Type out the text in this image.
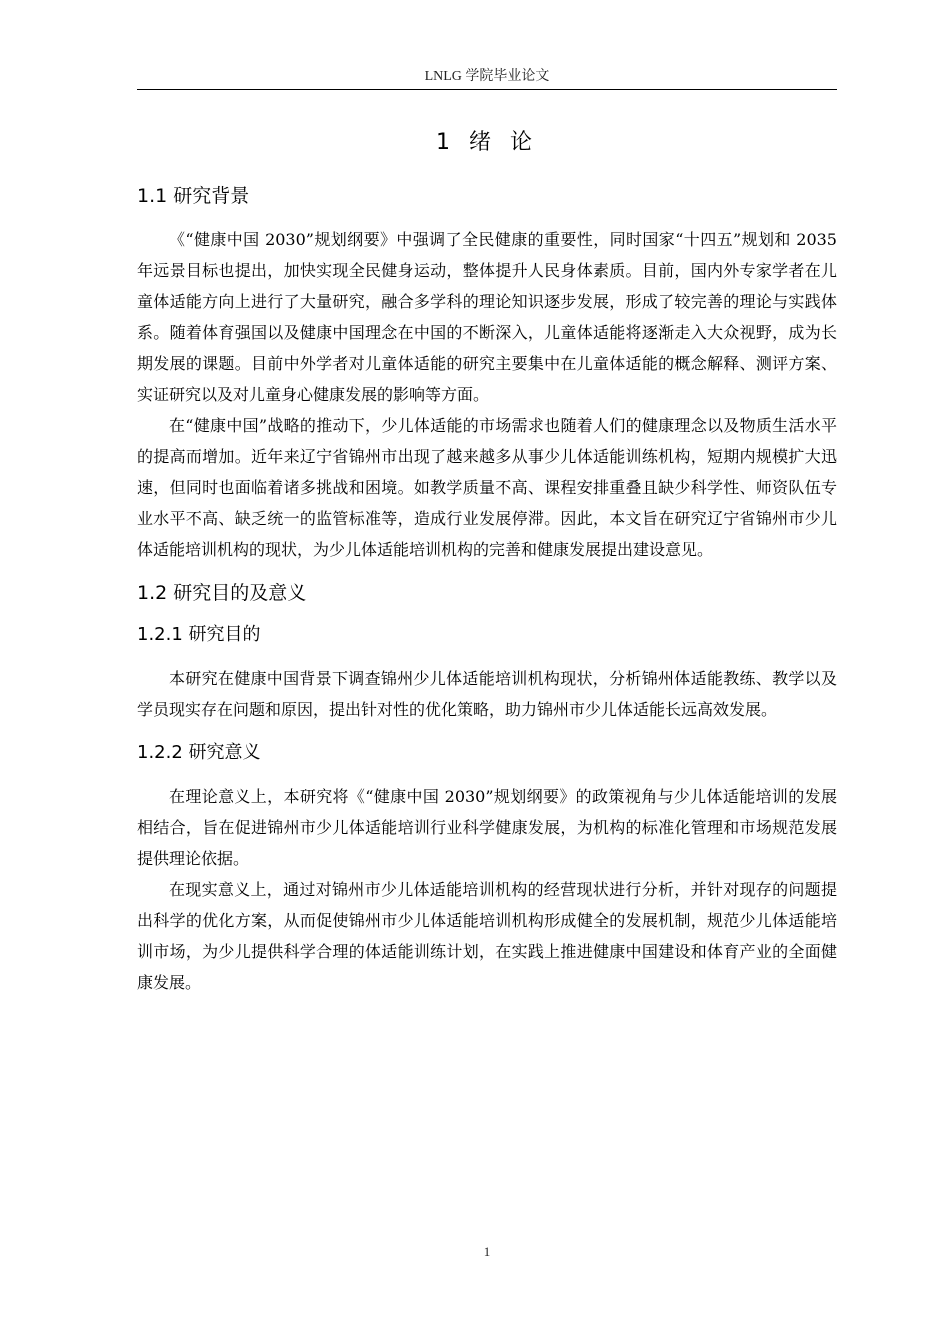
LNLG 学院毕业论文
1 绪 论
1.1 研究背景

《“健康中国 2030”规划纲要》中强调了全民健康的重要性，同时国家“十四五”规划和 2035 年远景目标也提出，加快实现全民健身运动，整体提升人民身体素质。目前，国内外专家学者在儿童体适能方向上进行了大量研究，融合多学科的理论知识逐步发展，形成了较完善的理论与实践体系。随着体育强国以及健康中国理念在中国的不断深入，儿童体适能将逐渐走入大众视野，成为长期发展的课题。目前中外学者对儿童体适能的研究主要集中在儿童体适能的概念解释、测评方案、实证研究以及对儿童身心健康发展的影响等方面。

在“健康中国”战略的推动下，少儿体适能的市场需求也随着人们的健康理念以及物质生活水平的提高而增加。近年来辽宁省锦州市出现了越来越多从事少儿体适能训练机构，短期内规模扩大迅速，但同时也面临着诸多挑战和困境。如教学质量不高、课程安排重叠且缺少科学性、师资队伍专业水平不高、缺乏统一的监管标准等，造成行业发展停滞。因此，本文旨在研究辽宁省锦州市少儿体适能培训机构的现状，为少儿体适能培训机构的完善和健康发展提出建设意见。

1.2 研究目的及意义
1.2.1 研究目的

本研究在健康中国背景下调查锦州少儿体适能培训机构现状，分析锦州体适能教练、教学以及学员现实存在问题和原因，提出针对性的优化策略，助力锦州市少儿体适能长远高效发展。

1.2.2 研究意义

在理论意义上，本研究将《“健康中国 2030”规划纲要》的政策视角与少儿体适能培训的发展相结合，旨在促进锦州市少儿体适能培训行业科学健康发展，为机构的标准化管理和市场规范发展提供理论依据。

在现实意义上，通过对锦州市少儿体适能培训机构的经营现状进行分析，并针对现存的问题提出科学的优化方案，从而促使锦州市少儿体适能培训机构形成健全的发展机制，规范少儿体适能培训市场，为少儿提供科学合理的体适能训练计划，在实践上推进健康中国建设和体育产业的全面健康发展。

1
